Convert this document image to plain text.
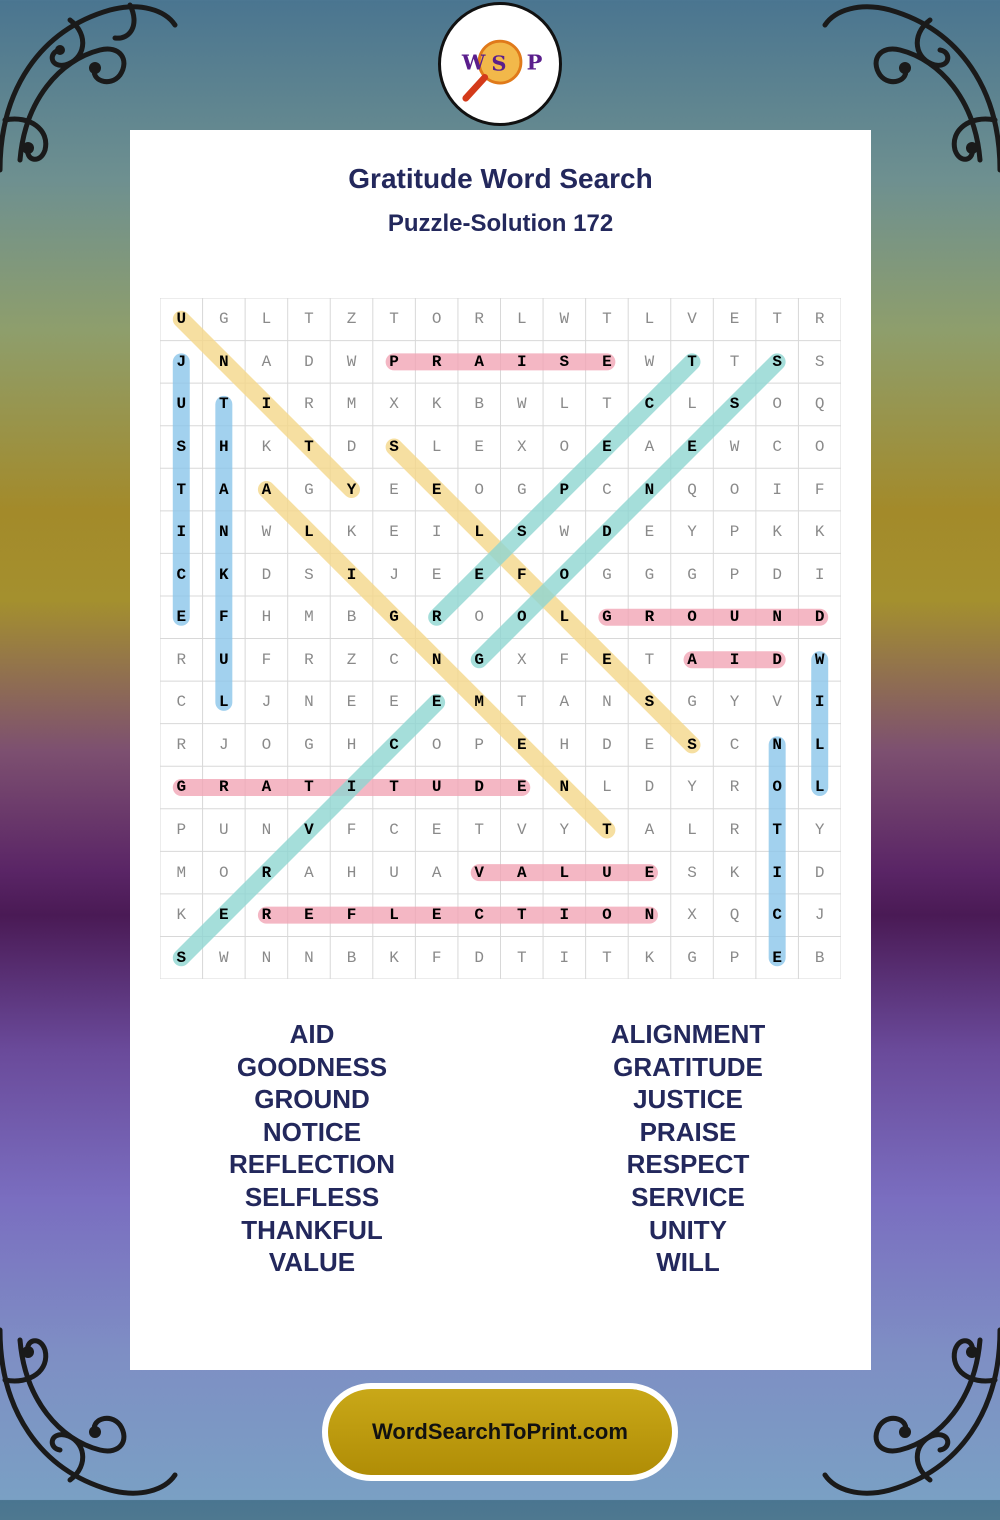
W S P
Gratitude Word Search
Puzzle-Solution 172
U	G	L	T	Z	T	O	R	L	W	T	L	V	E	T	R
J	N	A	D	W	P	R	A	I	S	E	W	T	T	S	S
U	T	I	R	M	X	K	B	W	L	T	C	L	S	O	Q
S	H	K	T	D	S	L	E	X	O	E	A	E	W	C	O
T	A	A	G	Y	E	E	O	G	P	C	N	Q	O	I	F
I	N	W	L	K	E	I	L	S	W	D	E	Y	P	K	K
C	K	D	S	I	J	E	E	F	O	G	G	G	P	D	I
E	F	H	M	B	G	R	O	O	L	G	R	O	U	N	D
R	U	F	R	Z	C	N	G	X	F	E	T	A	I	D	W
C	L	J	N	E	E	E	M	T	A	N	S	G	Y	V	I
R	J	O	G	H	C	O	P	E	H	D	E	S	C	N	L
G	R	A	T	I	T	U	D	E	N	L	D	Y	R	O	L
P	U	N	V	F	C	E	T	V	Y	T	A	L	R	T	Y
M	O	R	A	H	U	A	V	A	L	U	E	S	K	I	D
K	E	R	E	F	L	E	C	T	I	O	N	X	Q	C	J
S	W	N	N	B	K	F	D	T	I	T	K	G	P	E	B
AID
GOODNESS
GROUND
NOTICE
REFLECTION
SELFLESS
THANKFUL
VALUE
ALIGNMENT
GRATITUDE
JUSTICE
PRAISE
RESPECT
SERVICE
UNITY
WILL
WordSearchToPrint.com
